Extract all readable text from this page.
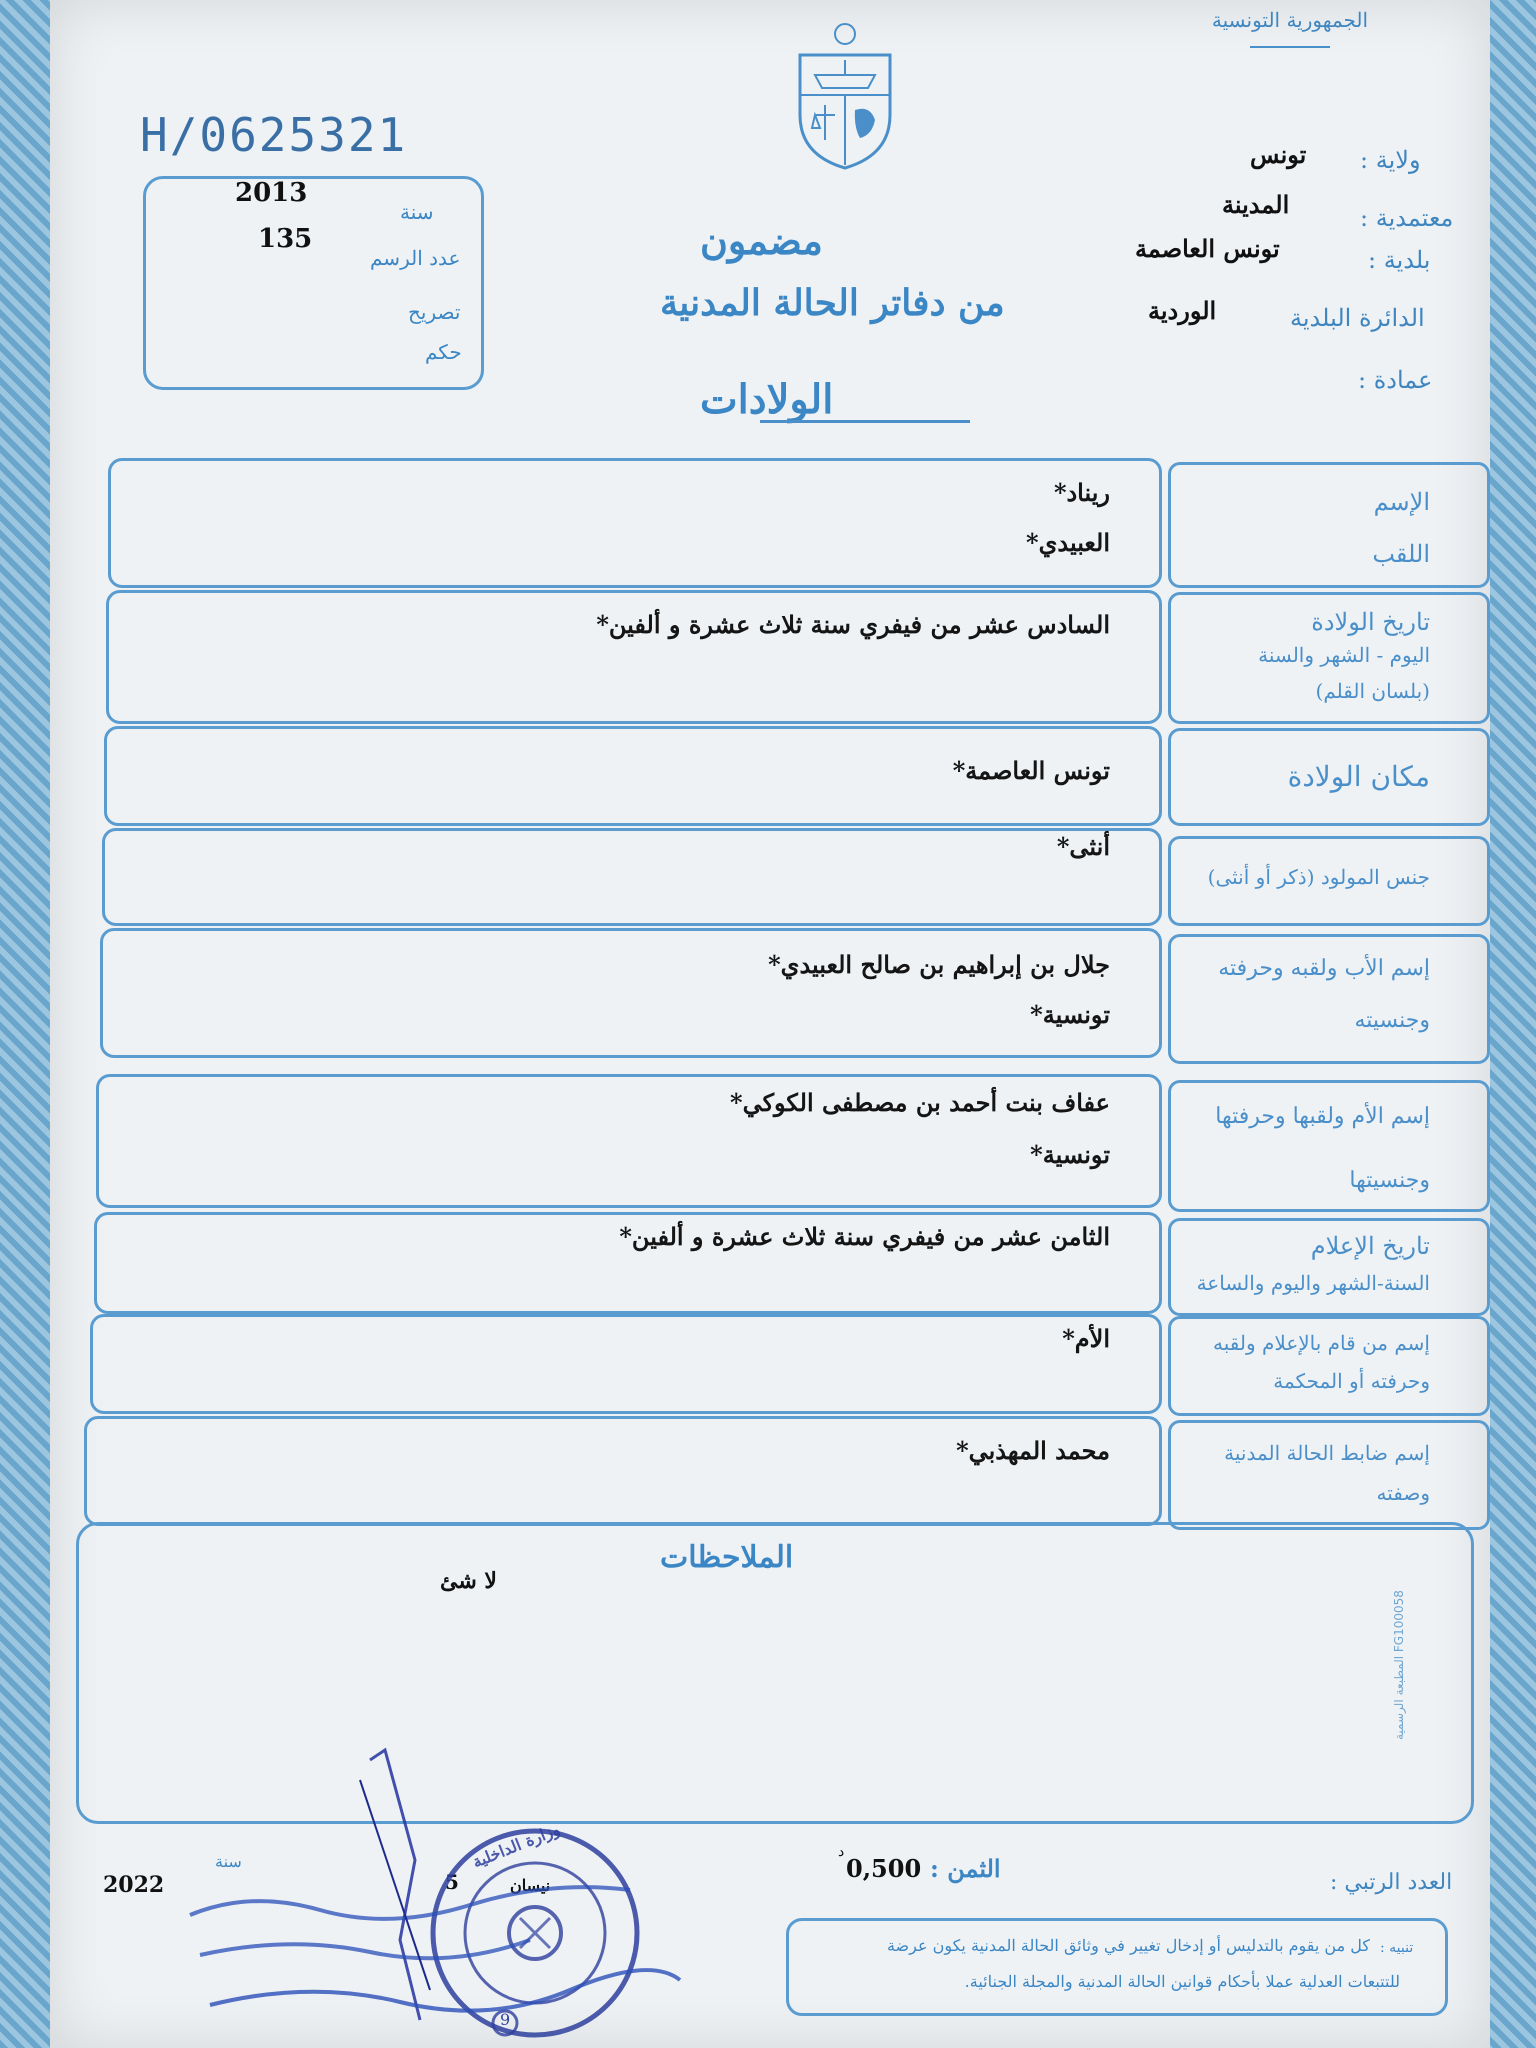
الجمهورية التونسية
H/0625321
2013
سنة
135
عدد الرسم
تصريح
حكم
مضمون
من دفاتر الحالة المدنية
ولاية :
تونس
معتمدية :
المدينة
بلدية :
تونس العاصمة
الدائرة البلدية
الوردية
عمادة :
الولادات
الإسم
اللقب
ريناد*
العبيدي*
تاريخ الولادة
اليوم - الشهر والسنة
(بلسان القلم)
السادس عشر من فيفري سنة ثلاث عشرة و ألفين*
مكان الولادة
تونس العاصمة*
جنس المولود (ذكر أو أنثى)
أنثى*
إسم الأب ولقبه وحرفته
وجنسيته
جلال بن إبراهيم بن صالح العبيدي*
تونسية*
إسم الأم ولقبها وحرفتها
وجنسيتها
عفاف بنت أحمد بن مصطفى الكوكي*
تونسية*
تاريخ الإعلام
السنة-الشهر واليوم والساعة
الثامن عشر من فيفري سنة ثلاث عشرة و ألفين*
إسم من قام بالإعلام ولقبه
وحرفته أو المحكمة
الأم*
إسم ضابط الحالة المدنية
وصفته
محمد المهذبي*
الملاحظات
لا شئ
المطبعة الرسمية FG100058
العدد الرتبي :
الثمن :
0,500
د
نيسان
5
سنة
2022
تنبيه :
كل من يقوم بالتدليس أو إدخال تغيير في وثائق الحالة المدنية يكون عرضة
للتتبعات العدلية عملا بأحكام قوانين الحالة المدنية والمجلة الجنائية.
وزارة الداخلية
9
